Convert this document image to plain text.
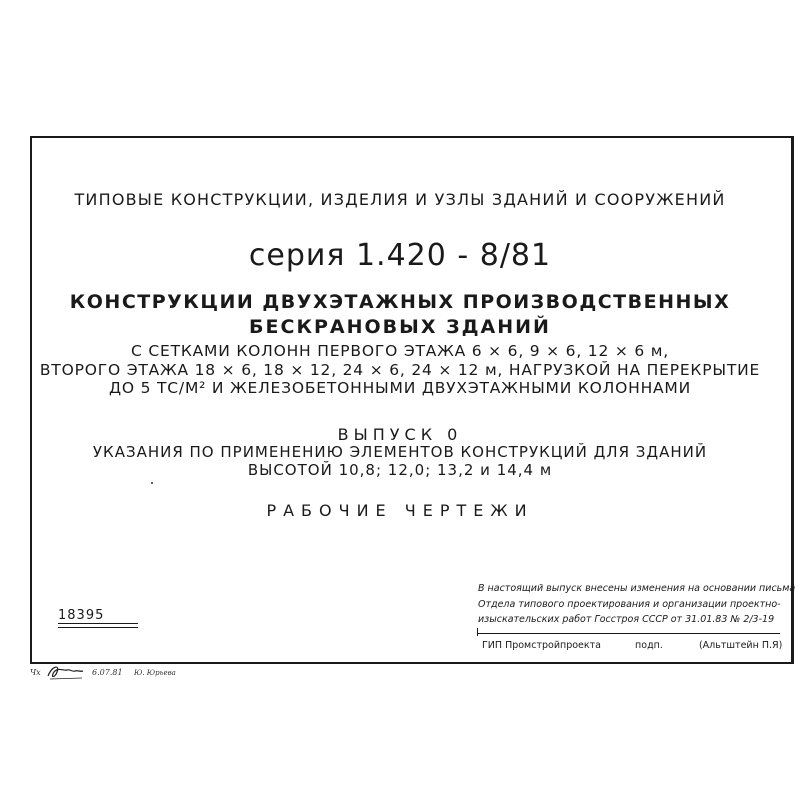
ТИПОВЫЕ КОНСТРУКЦИИ, ИЗДЕЛИЯ И УЗЛЫ ЗДАНИЙ И СООРУЖЕНИЙ
серия 1.420 - 8/81
КОНСТРУКЦИИ ДВУХЭТАЖНЫХ ПРОИЗВОДСТВЕННЫХ
БЕСКРАНОВЫХ ЗДАНИЙ
С СЕТКАМИ КОЛОНН ПЕРВОГО ЭТАЖА 6 × 6, 9 × 6, 12 × 6 м,
ВТОРОГО ЭТАЖА 18 × 6, 18 × 12, 24 × 6, 24 × 12 м, НАГРУЗКОЙ НА ПЕРЕКРЫТИЕ
ДО 5 ТС/М² И ЖЕЛЕЗОБЕТОННЫМИ ДВУХЭТАЖНЫМИ КОЛОННАМИ
ВЫПУСК 0
УКАЗАНИЯ ПО ПРИМЕНЕНИЮ ЭЛЕМЕНТОВ КОНСТРУКЦИЙ ДЛЯ ЗДАНИЙ
ВЫСОТОЙ 10,8; 12,0; 13,2 и 14,4 м
РАБОЧИЕ ЧЕРТЕЖИ
18395
В настоящий выпуск внесены изменения на основании письма
Отдела типового проектирования и организации проектно-
изыскательских работ Госстроя СССР от 31.01.83 № 2/3-19
ГИП Промстройпроекта	подп.	(Альтштейн П.Я)
Чх	6.07.81 Ю. Юрьева
